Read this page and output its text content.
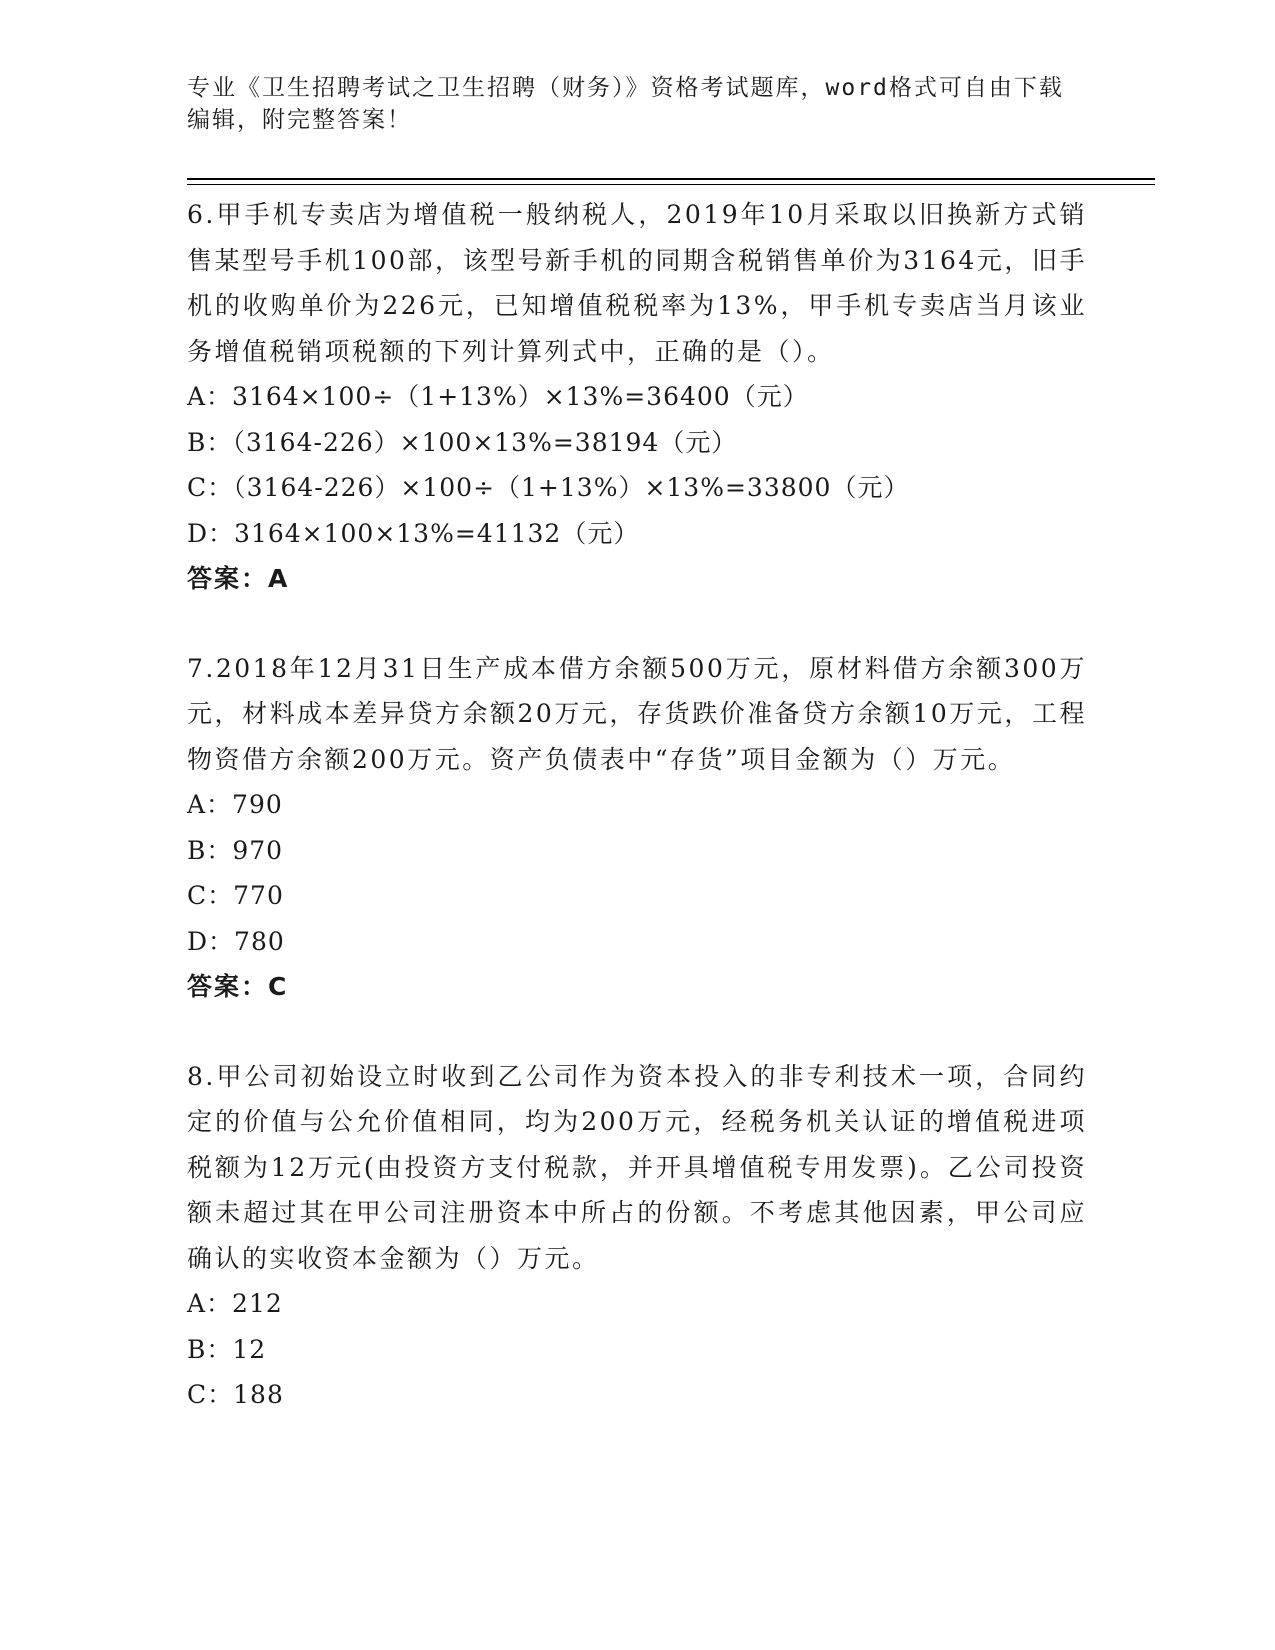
专业《卫生招聘考试之卫生招聘（财务）》资格考试题库，word格式可自由下载
编辑，附完整答案！
6.甲手机专卖店为增值税一般纳税人，2019年10月采取以旧换新方式销售某型号手机100部，该型号新手机的同期含税销售单价为3164元，旧手机的收购单价为226元，已知增值税税率为13%，甲手机专卖店当月该业务增值税销项税额的下列计算列式中，正确的是（）。
A：3164×100÷（1+13%）×13%=36400（元）
B：（3164-226）×100×13%=38194（元）
C：（3164-226）×100÷（1+13%）×13%=33800（元）
D：3164×100×13%=41132（元）
答案：A
7.2018年12月31日生产成本借方余额500万元，原材料借方余额300万元，材料成本差异贷方余额20万元，存货跌价准备贷方余额10万元，工程物资借方余额200万元。资产负债表中“存货”项目金额为（）万元。
A：790
B：970
C：770
D：780
答案：C
8.甲公司初始设立时收到乙公司作为资本投入的非专利技术一项，合同约定的价值与公允价值相同，均为200万元，经税务机关认证的增值税进项税额为12万元(由投资方支付税款，并开具增值税专用发票)。乙公司投资额未超过其在甲公司注册资本中所占的份额。不考虑其他因素，甲公司应确认的实收资本金额为（）万元。
A：212
B：12
C：188
